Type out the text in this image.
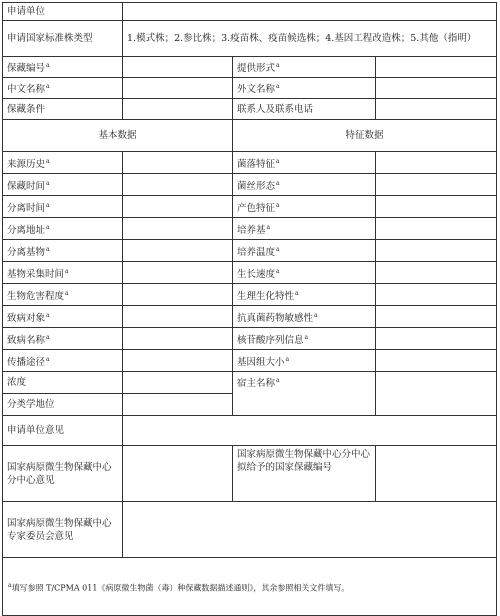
申请单位			
申请国家标准株类型	1.模式株；2.参比株；3.疫苗株、疫苗候选株；4.基因工程改造株；5.其他（指明）		
保藏编号$^a$		提供形式$^a$	
中文名称$^a$		外文名称$^a$	
保藏条件		联系人及联系电话	
基本数据		特征数据	
来源历史$^a$		菌落特征$^a$	
保藏时间$^a$		菌丝形态$^a$	
分离时间$^a$		产色特征$^a$	
分离地址$^a$		培养基$^a$	
分离基物$^a$		培养温度$^a$	
基物采集时间$^a$		生长速度$^a$	
生物危害程度$^a$		生理生化特性$^a$	
致病对象$^a$		抗真菌药物敏感性$^a$	
致病名称$^a$		核苷酸序列信息$^a$	
传播途径$^a$		基因组大小$^a$	
浓度		宿主名称$^a$	
分类学地位			
申请单位意见			
国家病原微生物保藏中心分中心意见		国家病原微生物保藏中心分中心拟给予的国家保藏编号	
国家病原微生物保藏中心专家委员会意见			
$^a$填写参照 T/CPMA 011《病原微生物菌（毒）种保藏数据描述通则》，其余参照相关文件填写。			
